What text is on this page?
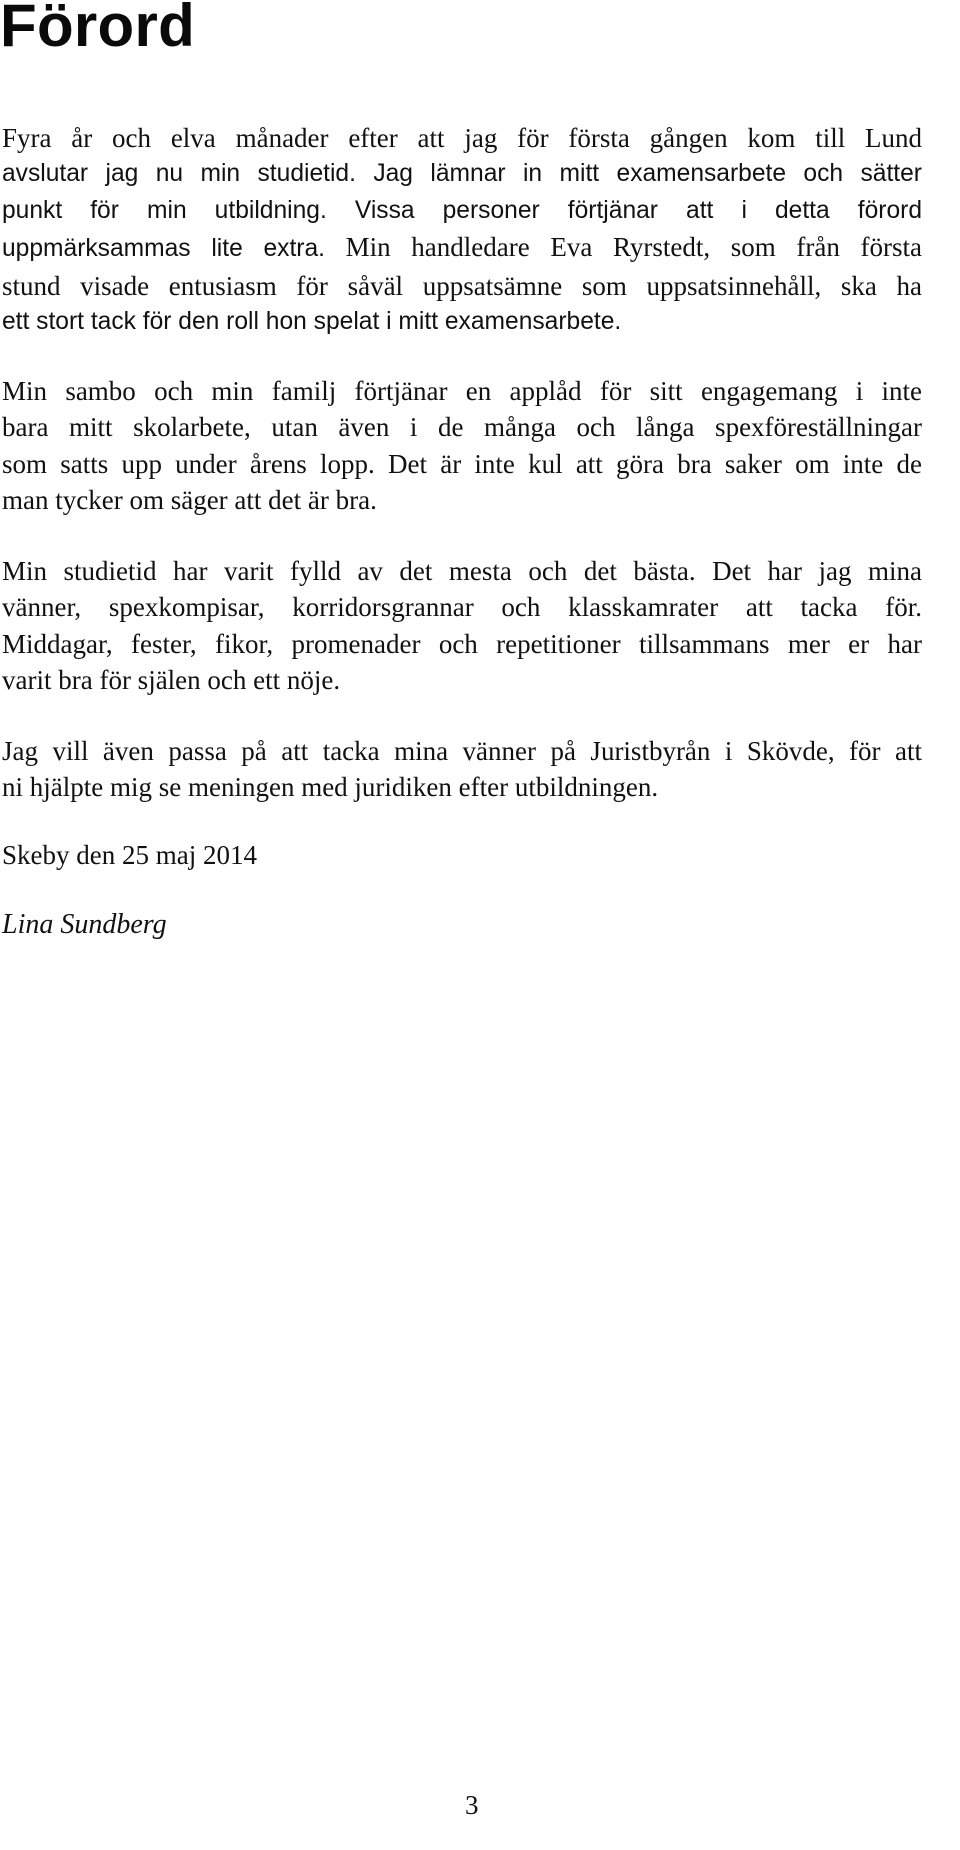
Förord
Fyra år och elva månader efter att jag för första gången kom till Lund
avslutar jag nu min studietid. Jag lämnar in mitt examensarbete och sätter
punkt för min utbildning. Vissa personer förtjänar att i detta förord
uppmärksammas lite extra. Min handledare Eva Ryrstedt, som från första
stund visade entusiasm för såväl uppsatsämne som uppsatsinnehåll, ska ha
ett stort tack för den roll hon spelat i mitt examensarbete.
Min sambo och min familj förtjänar en applåd för sitt engagemang i inte
bara mitt skolarbete, utan även i de många och långa spexföreställningar
som satts upp under årens lopp. Det är inte kul att göra bra saker om inte de
man tycker om säger att det är bra.
Min studietid har varit fylld av det mesta och det bästa. Det har jag mina
vänner, spexkompisar, korridorsgrannar och klasskamrater att tacka för.
Middagar, fester, fikor, promenader och repetitioner tillsammans mer er har
varit bra för själen och ett nöje.
Jag vill även passa på att tacka mina vänner på Juristbyrån i Skövde, för att
ni hjälpte mig se meningen med juridiken efter utbildningen.

Skeby den 25 maj 2014

Lina Sundberg

3
